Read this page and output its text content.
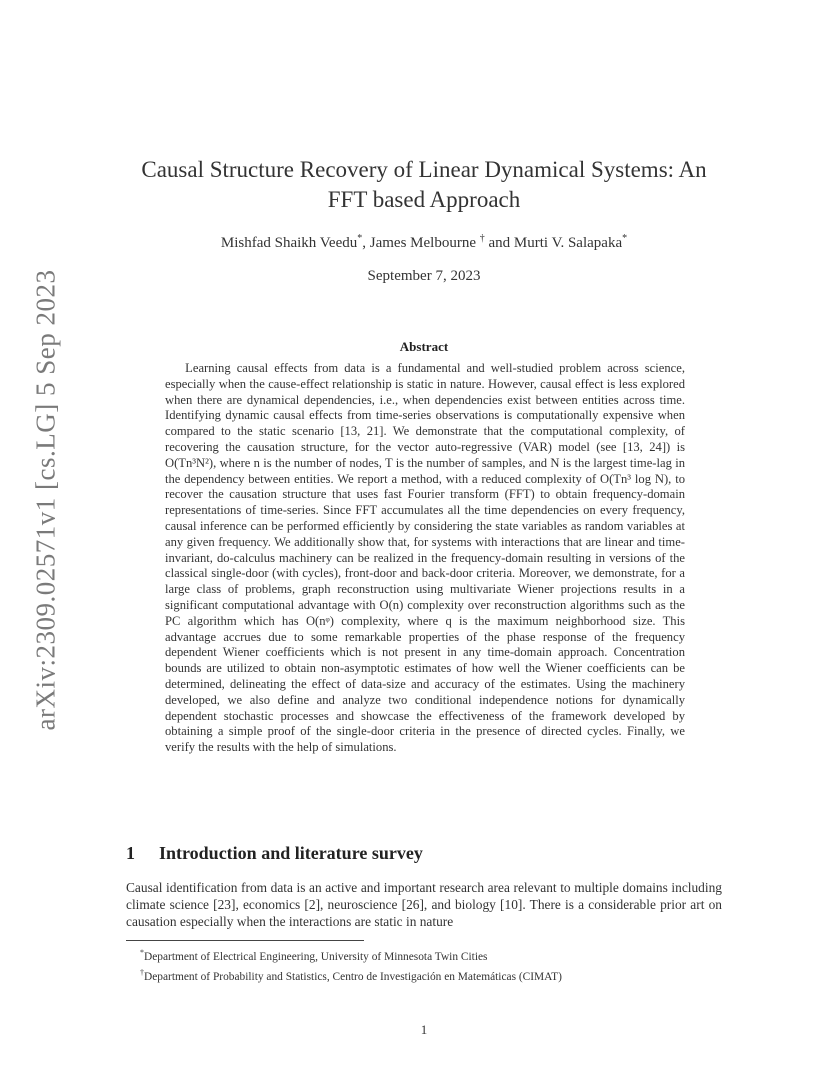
arXiv:2309.02571v1 [cs.LG] 5 Sep 2023
Causal Structure Recovery of Linear Dynamical Systems: An FFT based Approach
Mishfad Shaikh Veedu*, James Melbourne † and Murti V. Salapaka*
September 7, 2023
Abstract
Learning causal effects from data is a fundamental and well-studied problem across science, especially when the cause-effect relationship is static in nature. However, causal effect is less explored when there are dynamical dependencies, i.e., when dependencies exist between entities across time. Identifying dynamic causal effects from time-series observations is computationally expensive when compared to the static scenario [13, 21]. We demonstrate that the computational complexity, of recovering the causation structure, for the vector auto-regressive (VAR) model (see [13, 24]) is O(Tn³N²), where n is the number of nodes, T is the number of samples, and N is the largest time-lag in the dependency between entities. We report a method, with a reduced complexity of O(Tn³ log N), to recover the causation structure that uses fast Fourier transform (FFT) to obtain frequency-domain representations of time-series. Since FFT accumulates all the time dependencies on every frequency, causal inference can be performed efficiently by considering the state variables as random variables at any given frequency. We additionally show that, for systems with interactions that are linear and time-invariant, do-calculus machinery can be realized in the frequency-domain resulting in versions of the classical single-door (with cycles), front-door and back-door criteria. Moreover, we demonstrate, for a large class of problems, graph reconstruction using multivariate Wiener projections results in a significant computational advantage with O(n) complexity over reconstruction algorithms such as the PC algorithm which has O(nᵠ) complexity, where q is the maximum neighborhood size. This advantage accrues due to some remarkable properties of the phase response of the frequency dependent Wiener coefficients which is not present in any time-domain approach. Concentration bounds are utilized to obtain non-asymptotic estimates of how well the Wiener coefficients can be determined, delineating the effect of data-size and accuracy of the estimates. Using the machinery developed, we also define and analyze two conditional independence notions for dynamically dependent stochastic processes and showcase the effectiveness of the framework developed by obtaining a simple proof of the single-door criteria in the presence of directed cycles. Finally, we verify the results with the help of simulations.
1 Introduction and literature survey
Causal identification from data is an active and important research area relevant to multiple domains including climate science [23], economics [2], neuroscience [26], and biology [10]. There is a considerable prior art on causation especially when the interactions are static in nature
*Department of Electrical Engineering, University of Minnesota Twin Cities
†Department of Probability and Statistics, Centro de Investigación en Matemáticas (CIMAT)
1
